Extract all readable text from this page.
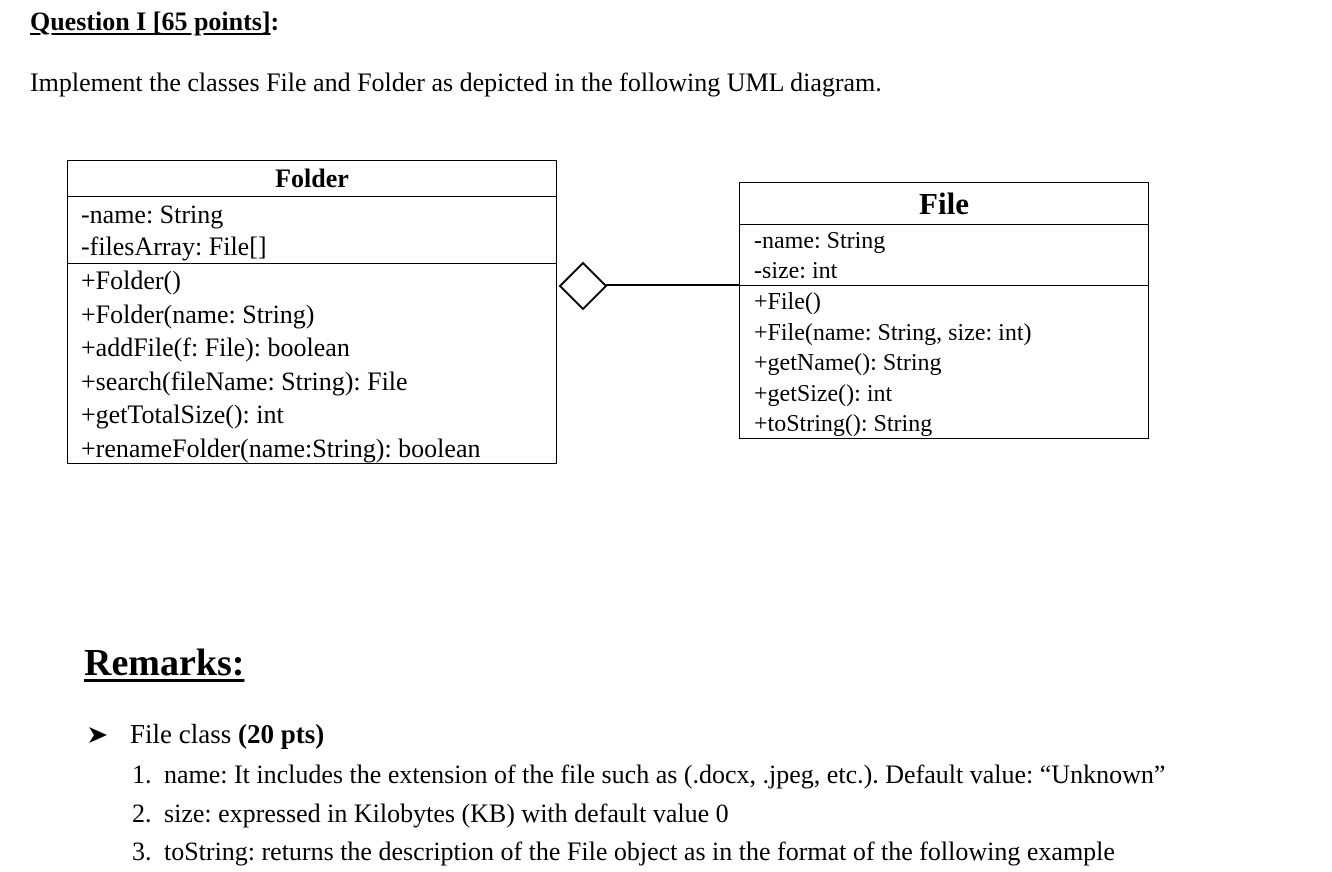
Question I [65 points]:
Implement the classes File and Folder as depicted in the following UML diagram.
Folder
-name: String
-filesArray: File[]
+Folder()
+Folder(name: String)
+addFile(f: File): boolean
+search(fileName: String): File
+getTotalSize(): int
+renameFolder(name:String): boolean
File
-name: String
-size: int
+File()
+File(name: String, size: int)
+getName(): String
+getSize(): int
+toString(): String
Remarks:
File class (20 pts)
1. name: It includes the extension of the file such as (.docx, .jpeg, etc.). Default value: “Unknown”
2. size: expressed in Kilobytes (KB) with default value 0
3. toString: returns the description of the File object as in the format of the following example
